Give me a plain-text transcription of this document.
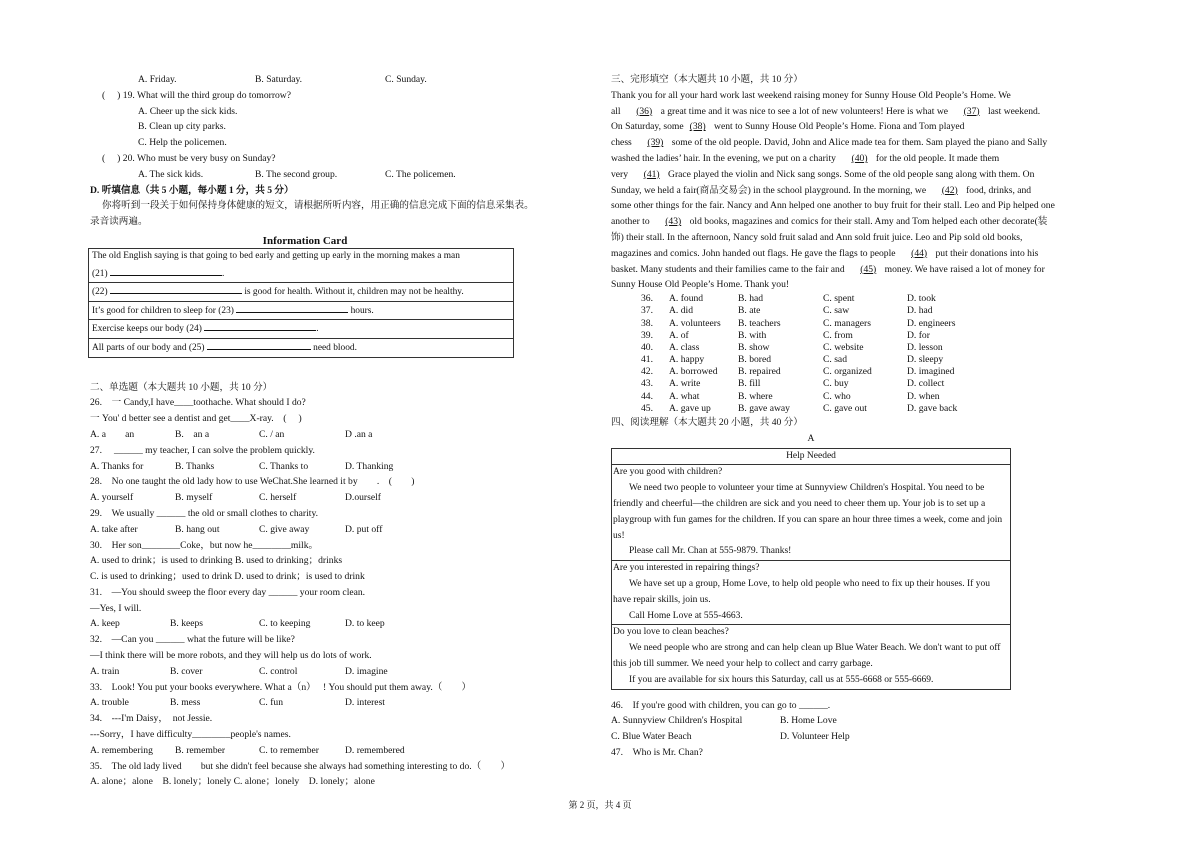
A. Friday.	B. Saturday.	C. Sunday.
(　 ) 19. What will the third group do tomorrow?
A. Cheer up the sick kids.
B. Clean up city parks.
C. Help the policemen.
(　 ) 20. Who must be very busy on Sunday?
A. The sick kids.	B. The second group.	C. The policemen.
D. 听填信息（共 5 小题，每小题 1 分，共 5 分）
你将听到一段关于如何保持身体健康的短文，请根据所听内容，用正确的信息完成下面的信息采集表。
录音读两遍。
Information Card
The old English saying is that going to bed early and getting up early in the morning makes a man
(21)	.

(22)	is good for health. Without it, children may not be healthy.
It’s good for children to sleep for (23)	hours.
Exercise keeps our body (24)	.
All parts of our body and (25)	need blood.
二、单选题（本大题共 10 小题，共 10 分）
26.　一 Candy,I have____toothache. What should I do?
一 You' d better see a dentist and get____X-ray.　(　 )
A. a　　an	B.　an a	C. / an	D .an a
27.　 ______ my teacher, I can solve the problem quickly.
A. Thanks for	B. Thanks	C. Thanks to	D. Thanking
28.　No one taught the old lady how to use WeChat.She learned it by　　.　(　　)
A. yourself	B. myself	C. herself	D.ourself
29.　We usually ______ the old or small clothes to charity.
A. take after	B. hang out	C. give away	D. put off
30.　Her son________Coke，but now he________milk。
A. used to drink；is used to drinking B. used to drinking；drinks
C. is used to drinking；used to drink D. used to drink；is used to drink
31.　—You should sweep the floor every day ______ your room clean.
—Yes, I will.
A. keep	B. keeps	C. to keeping	D. to keep
32.　—Can you ______ what the future will be like?
—I think there will be more robots, and they will help us do lots of work.
A. train	B. cover	C. control	D. imagine
33.　Look! You put your books everywhere. What a（n）　 ! You should put them away.（　　）
A. trouble	B. mess	C. fun	D. interest
34.　---I'm Daisy，　not Jessie.
---Sorry，I have difficulty________people's names.
A. remembering	B. remember	C. to remember	D. remembered
35.　The old lady lived　　but she didn't feel because she always had something interesting to do.（　　）
A. alone；alone　B. lonely；lonely C. alone；lonely　D. lonely；alone
三、完形填空（本大题共 10 小题，共 10 分）
Thank you for all your hard work last weekend raising money for Sunny House Old People’s Home. We
all　(36) a great time and it was nice to see a lot of new volunteers! Here is what we　(37) last weekend.
On Saturday, some (38) went to Sunny House Old People’s Home. Fiona and Tom played
chess　(39) some of the old people. David, John and Alice made tea for them. Sam played the piano and Sally
washed the ladies’ hair. In the evening, we put on a charity　(40) for the old people. It made them
very　(41) Grace played the violin and Nick sang songs. Some of the old people sang along with them. On
Sunday, we held a fair(商品交易会) in the school playground. In the morning, we　(42) food, drinks, and
some other things for the fair. Nancy and Ann helped one another to buy fruit for their stall. Leo and Pip helped one
another to　(43) old books, magazines and comics for their stall. Amy and Tom helped each other decorate(装
饰) their stall. In the afternoon, Nancy sold fruit salad and Ann sold fruit juice. Leo and Pip sold old books,
magazines and comics. John handed out flags. He gave the flags to people　(44) put their donations into his
basket. Many students and their families came to the fair and　(45) money. We have raised a lot of money for
Sunny House Old People’s Home. Thank you!
36. A. found	B. had	C. spent	D. took
37. A. did	B. ate	C. saw	D. had
38. A. volunteers B. teachers	C. managers	D. engineers
39. A. of	B. with	C. from	D. for
40. A. class	B. show	C. website	D. lesson
41. A. happy	B. bored	C. sad	D. sleepy
42. A. borrowed B. repaired	C. organized	D. imagined
43. A. write	B. fill	C. buy	D. collect
44. A. what	B. where	C. who	D. when
45. A. gave up	B. gave away	C. gave out	D. gave back
四、阅读理解（本大题共 20 小题，共 40 分）
A
Help Needed

Are you good with children?
We need two people to volunteer your time at Sunnyview Children's Hospital. You need to be friendly and cheerful—the children are sick and you need to cheer them up. Your job is to set up a playgroup with fun games for the children. If you can spare an hour three times a week, come and join us!
Please call Mr. Chan at 555-9879. Thanks!

Are you interested in repairing things?
We have set up a group, Home Love, to help old people who need to fix up their houses. If you have repair skills, join us.
Call Home Love at 555-4663.

Do you love to clean beaches?
We need people who are strong and can help clean up Blue Water Beach. We don't want to put off this job till summer. We need your help to collect and carry garbage.
If you are available for six hours this Saturday, call us at 555-6668 or 555-6669.
46.　If you're good with children, you can go to ______.
A. Sunnyview Children's Hospital	B. Home Love
C. Blue Water Beach	D. Volunteer Help
47.　Who is Mr. Chan?
第 2 页，共 4 页
